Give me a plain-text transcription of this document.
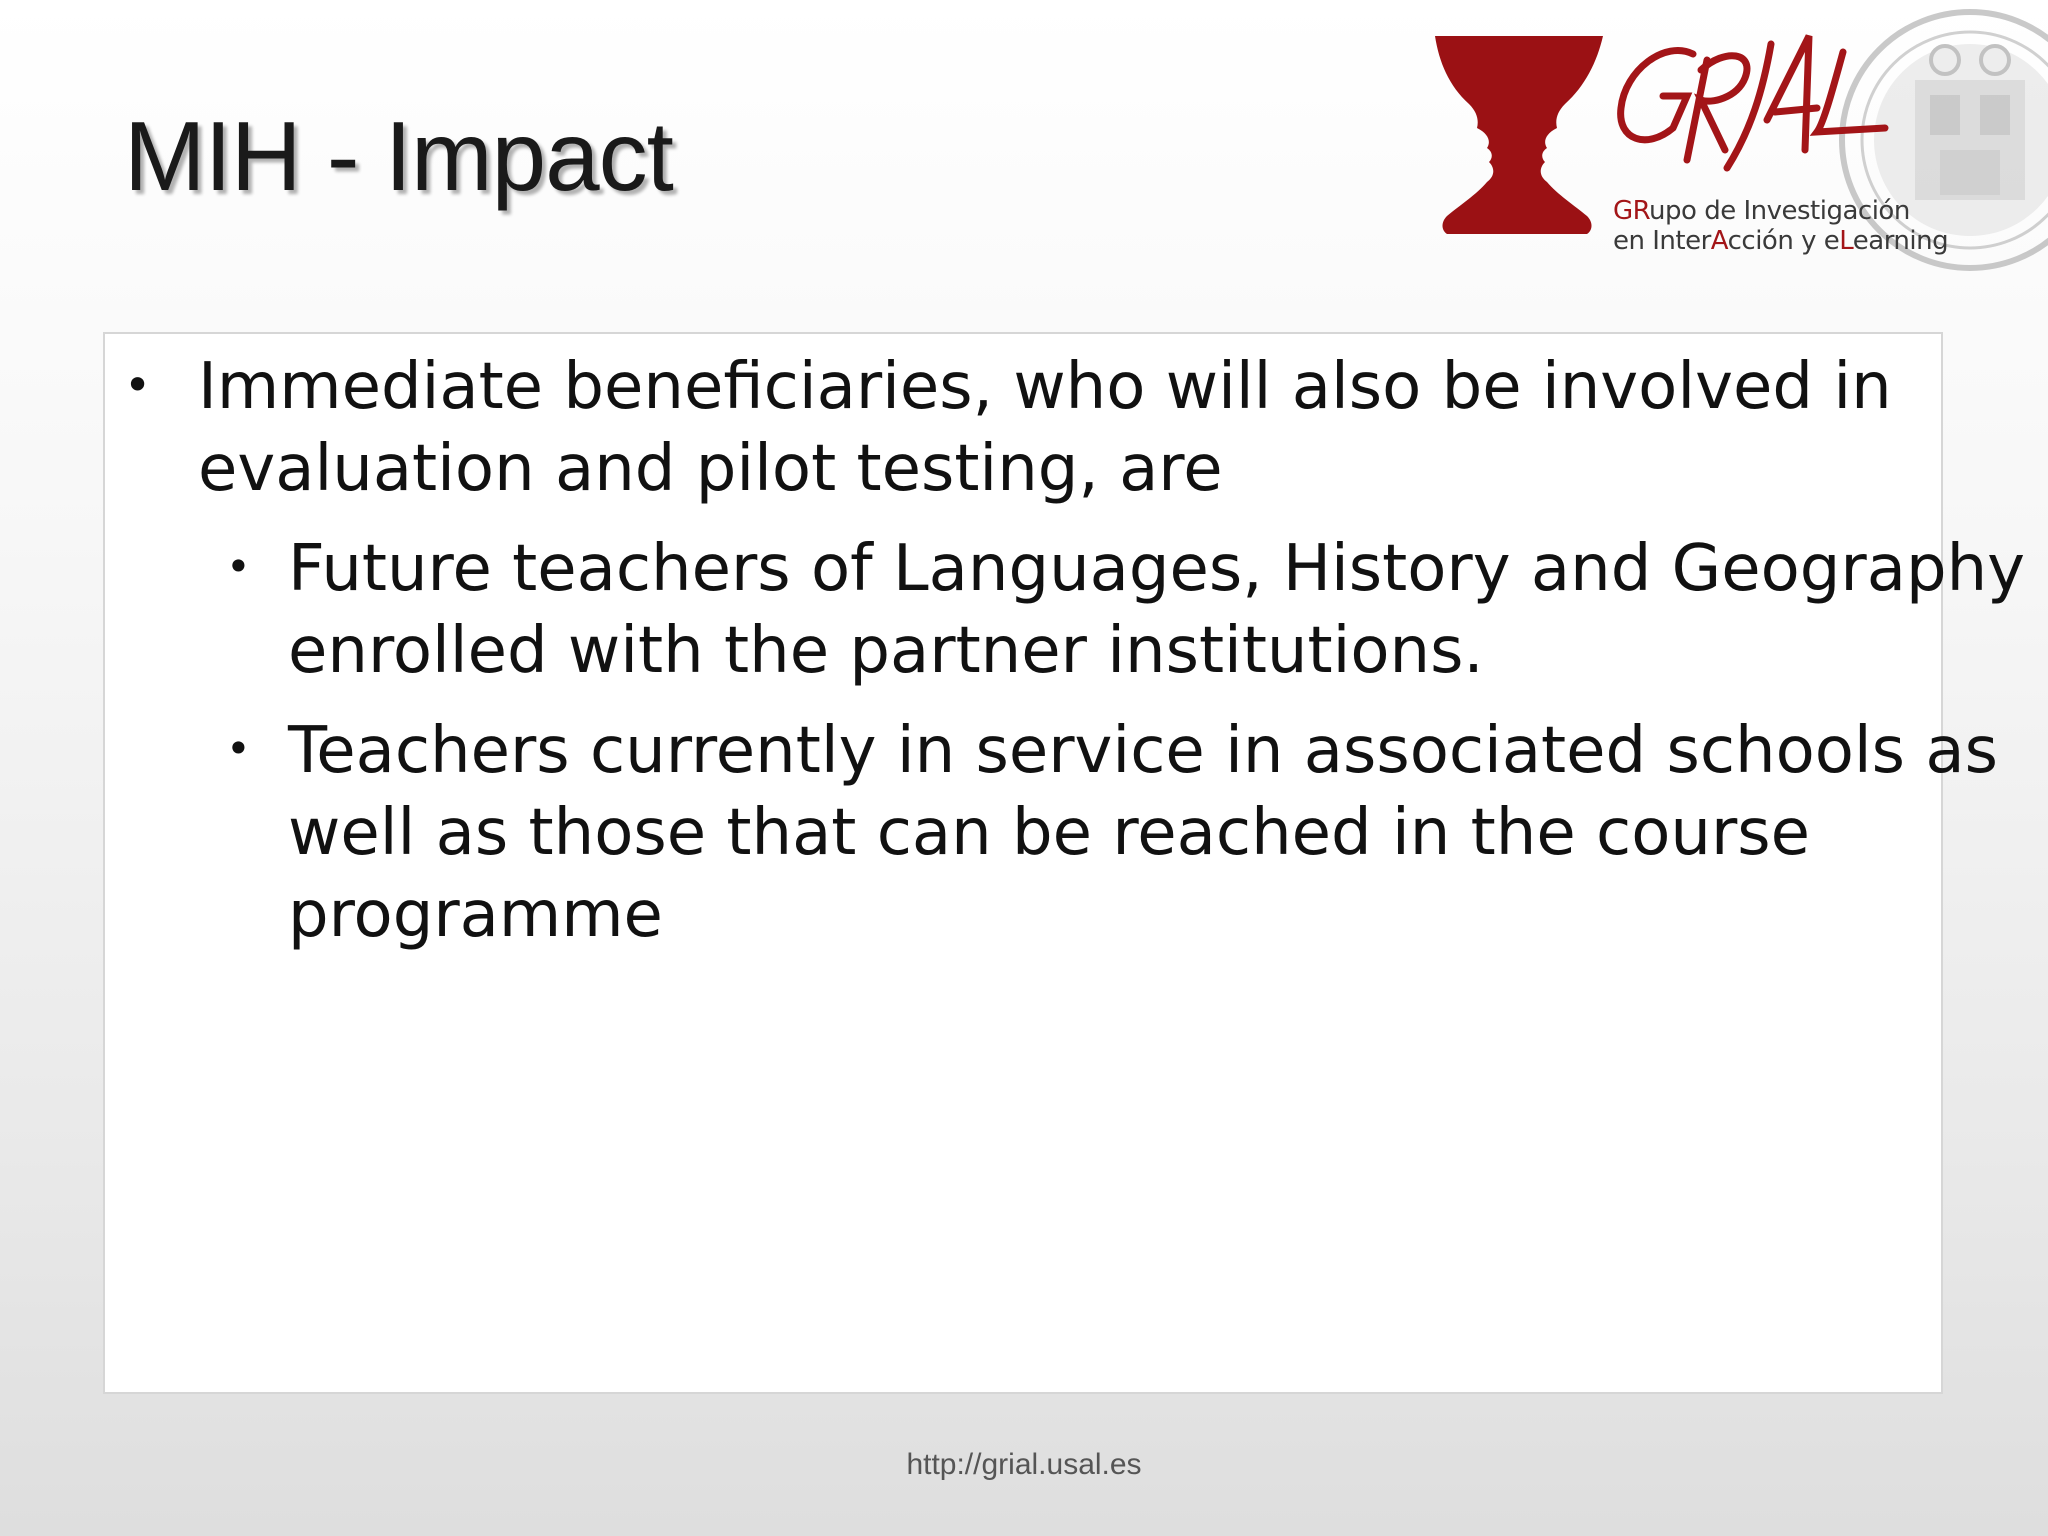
MIH - Impact	GRupo de Investigación
en InterAcción y eLearning
• Immediate beneficiaries, who will also be involved in
evaluation and pilot testing, are
• Future teachers of Languages, History and Geography
enrolled with the partner institutions.
• Teachers currently in service in associated schools as
well as those that can be reached in the course
programme
http://grial.usal.es
